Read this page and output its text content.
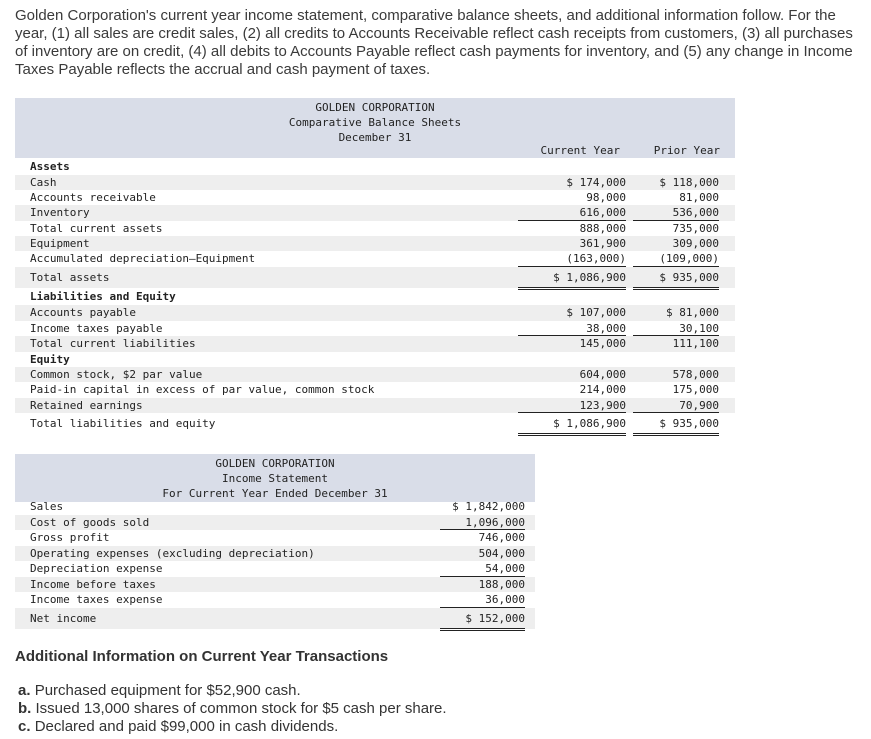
Golden Corporation's current year income statement, comparative balance sheets, and additional information follow. For the year, (1) all sales are credit sales, (2) all credits to Accounts Receivable reflect cash receipts from customers, (3) all purchases of inventory are on credit, (4) all debits to Accounts Payable reflect cash payments for inventory, and (5) any change in Income Taxes Payable reflects the accrual and cash payment of taxes.
GOLDEN CORPORATION
Comparative Balance Sheets
December 31
Current Year	Prior Year
Assets
Cash	$ 174,000	$ 118,000
Accounts receivable	98,000	81,000
Inventory	616,000	536,000
Total current assets	888,000	735,000
Equipment	361,900	309,000
Accumulated depreciation—Equipment	(163,000)	(109,000)
Total assets	$ 1,086,900	$ 935,000
Liabilities and Equity
Accounts payable	$ 107,000	$ 81,000
Income taxes payable	38,000	30,100
Total current liabilities	145,000	111,100
Equity
Common stock, $2 par value	604,000	578,000
Paid-in capital in excess of par value, common stock	214,000	175,000
Retained earnings	123,900	70,900
Total liabilities and equity	$ 1,086,900	$ 935,000
GOLDEN CORPORATION
Income Statement
For Current Year Ended December 31
Sales	$ 1,842,000
Cost of goods sold	1,096,000
Gross profit	746,000
Operating expenses (excluding depreciation)	504,000
Depreciation expense	54,000
Income before taxes	188,000
Income taxes expense	36,000
Net income	$ 152,000
Additional Information on Current Year Transactions
a. Purchased equipment for $52,900 cash.
b. Issued 13,000 shares of common stock for $5 cash per share.
c. Declared and paid $99,000 in cash dividends.
